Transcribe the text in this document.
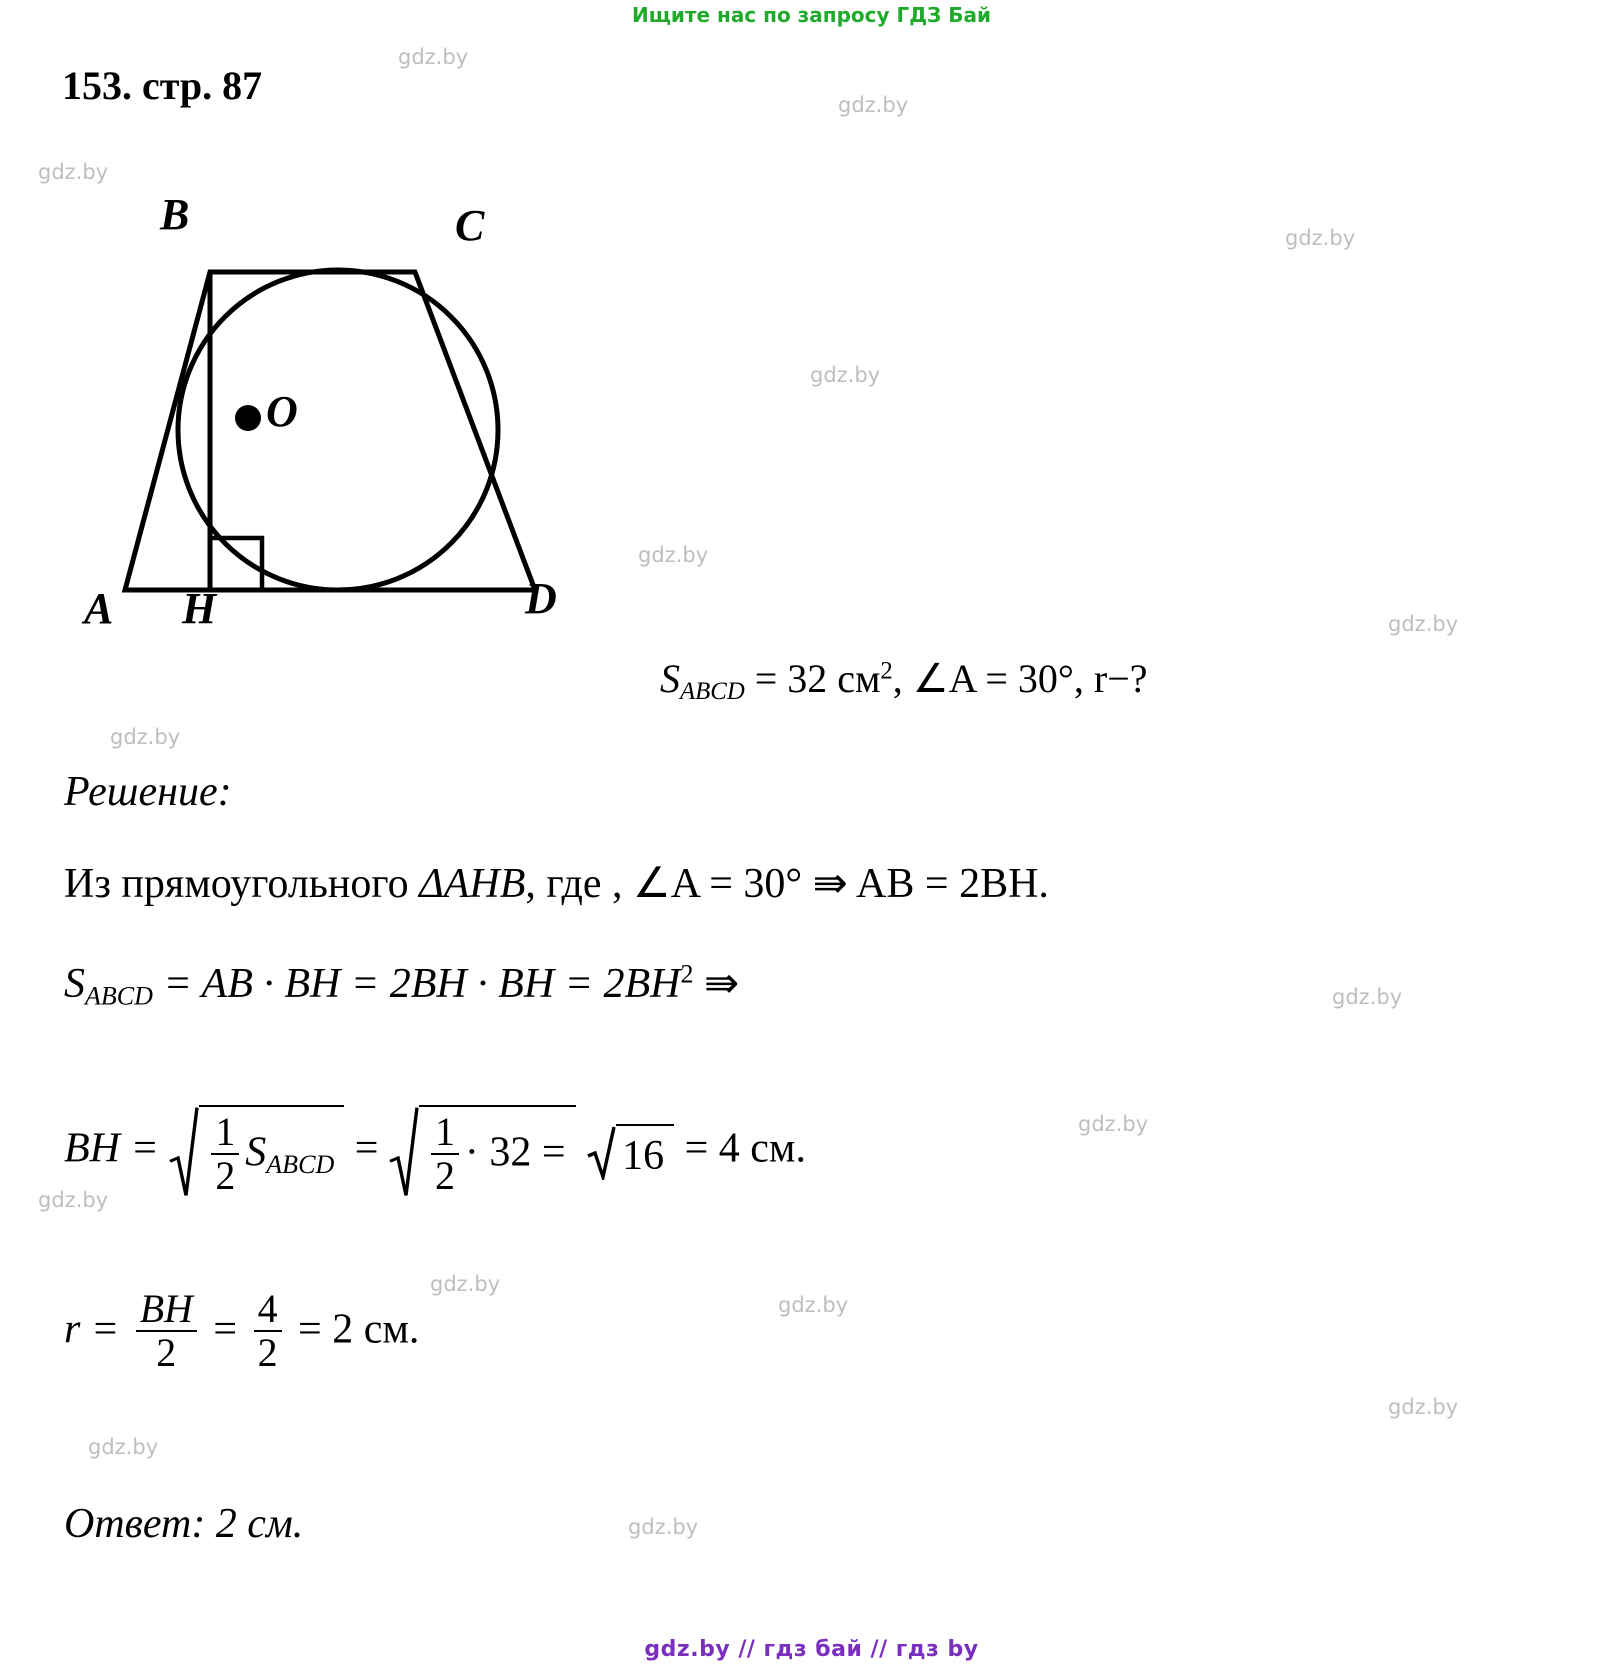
Ищите нас по запросу ГДЗ Бай
gdz.by
gdz.by
gdz.by
gdz.by
gdz.by
gdz.by
gdz.by
gdz.by
gdz.by
gdz.by
gdz.by
gdz.by
gdz.by
gdz.by
gdz.by
gdz.by
153. стр. 87
B	C
A H	D
O
$S_{ABCD} = 32$ $см^2$, ∠A = 30°, r−?
Решение:
Из прямоугольного ΔAHB, где , ∠A = 30° ⇛ AB = 2BH.
$S_{ABCD}$ = AB · BH = 2BH · BH = $2BH^2$ ⇛
BH = $\frac{1}{2} S_{ABCD} = \frac{1}{2} \cdot 32 = 16 = 4$ см.
$r = \frac{BH}{2} = \frac{4}{2} = 2$ см.
Ответ: 2 см.
gdz.by // гдз бай // гдз by
